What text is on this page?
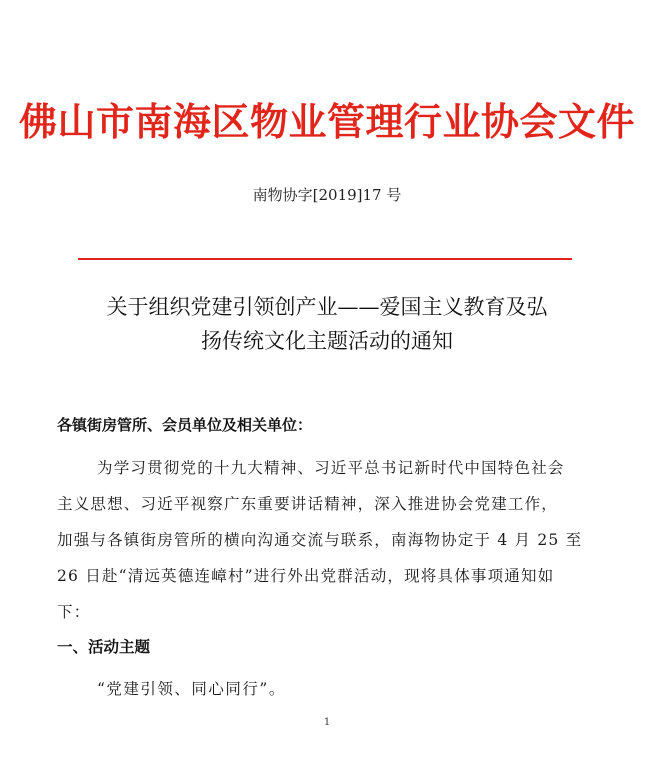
佛山市南海区物业管理行业协会文件
南物协字[2019]17 号
关于组织党建引领创产业——爱国主义教育及弘
扬传统文化主题活动的通知
各镇街房管所、会员单位及相关单位：
为学习贯彻党的十九大精神、习近平总书记新时代中国特色社会
主义思想、习近平视察广东重要讲话精神，深入推进协会党建工作，
加强与各镇街房管所的横向沟通交流与联系，南海物协定于 4 月 25 至
26 日赴“清远英德连嶂村”进行外出党群活动，现将具体事项通知如
下：
一、活动主题
“党建引领、同心同行”。
1
